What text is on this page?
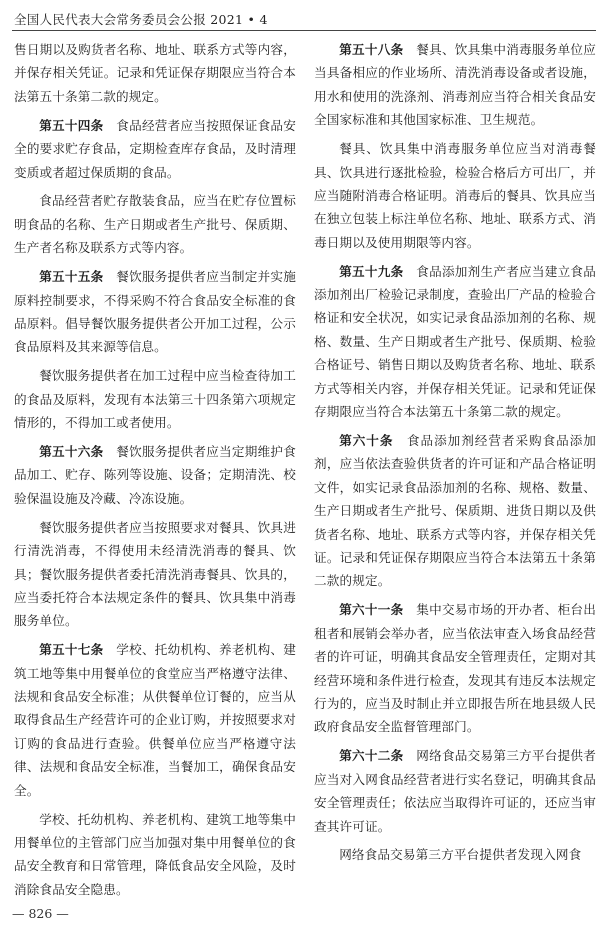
全国人民代表大会常务委员会公报 2021 • 4

售日期以及购货者名称、地址、联系方式等内容，并保存相关凭证。记录和凭证保存期限应当符合本法第五十条第二款的规定。

第五十四条　食品经营者应当按照保证食品安全的要求贮存食品，定期检查库存食品，及时清理变质或者超过保质期的食品。

食品经营者贮存散装食品，应当在贮存位置标明食品的名称、生产日期或者生产批号、保质期、生产者名称及联系方式等内容。

第五十五条　餐饮服务提供者应当制定并实施原料控制要求，不得采购不符合食品安全标准的食品原料。倡导餐饮服务提供者公开加工过程，公示食品原料及其来源等信息。

餐饮服务提供者在加工过程中应当检查待加工的食品及原料，发现有本法第三十四条第六项规定情形的，不得加工或者使用。

第五十六条　餐饮服务提供者应当定期维护食品加工、贮存、陈列等设施、设备；定期清洗、校验保温设施及冷藏、冷冻设施。

餐饮服务提供者应当按照要求对餐具、饮具进行清洗消毒，不得使用未经清洗消毒的餐具、饮具；餐饮服务提供者委托清洗消毒餐具、饮具的，应当委托符合本法规定条件的餐具、饮具集中消毒服务单位。

第五十七条　学校、托幼机构、养老机构、建筑工地等集中用餐单位的食堂应当严格遵守法律、法规和食品安全标准；从供餐单位订餐的，应当从取得食品生产经营许可的企业订购，并按照要求对订购的食品进行查验。供餐单位应当严格遵守法律、法规和食品安全标准，当餐加工，确保食品安全。

学校、托幼机构、养老机构、建筑工地等集中用餐单位的主管部门应当加强对集中用餐单位的食品安全教育和日常管理，降低食品安全风险，及时消除食品安全隐患。

第五十八条　餐具、饮具集中消毒服务单位应当具备相应的作业场所、清洗消毒设备或者设施，用水和使用的洗涤剂、消毒剂应当符合相关食品安全国家标准和其他国家标准、卫生规范。

餐具、饮具集中消毒服务单位应当对消毒餐具、饮具进行逐批检验，检验合格后方可出厂，并应当随附消毒合格证明。消毒后的餐具、饮具应当在独立包装上标注单位名称、地址、联系方式、消毒日期以及使用期限等内容。

第五十九条　食品添加剂生产者应当建立食品添加剂出厂检验记录制度，查验出厂产品的检验合格证和安全状况，如实记录食品添加剂的名称、规格、数量、生产日期或者生产批号、保质期、检验合格证号、销售日期以及购货者名称、地址、联系方式等相关内容，并保存相关凭证。记录和凭证保存期限应当符合本法第五十条第二款的规定。

第六十条　食品添加剂经营者采购食品添加剂，应当依法查验供货者的许可证和产品合格证明文件，如实记录食品添加剂的名称、规格、数量、生产日期或者生产批号、保质期、进货日期以及供货者名称、地址、联系方式等内容，并保存相关凭证。记录和凭证保存期限应当符合本法第五十条第二款的规定。

第六十一条　集中交易市场的开办者、柜台出租者和展销会举办者，应当依法审查入场食品经营者的许可证，明确其食品安全管理责任，定期对其经营环境和条件进行检查，发现其有违反本法规定行为的，应当及时制止并立即报告所在地县级人民政府食品安全监督管理部门。

第六十二条　网络食品交易第三方平台提供者应当对入网食品经营者进行实名登记，明确其食品安全管理责任；依法应当取得许可证的，还应当审查其许可证。

网络食品交易第三方平台提供者发现入网食

— 826 —
